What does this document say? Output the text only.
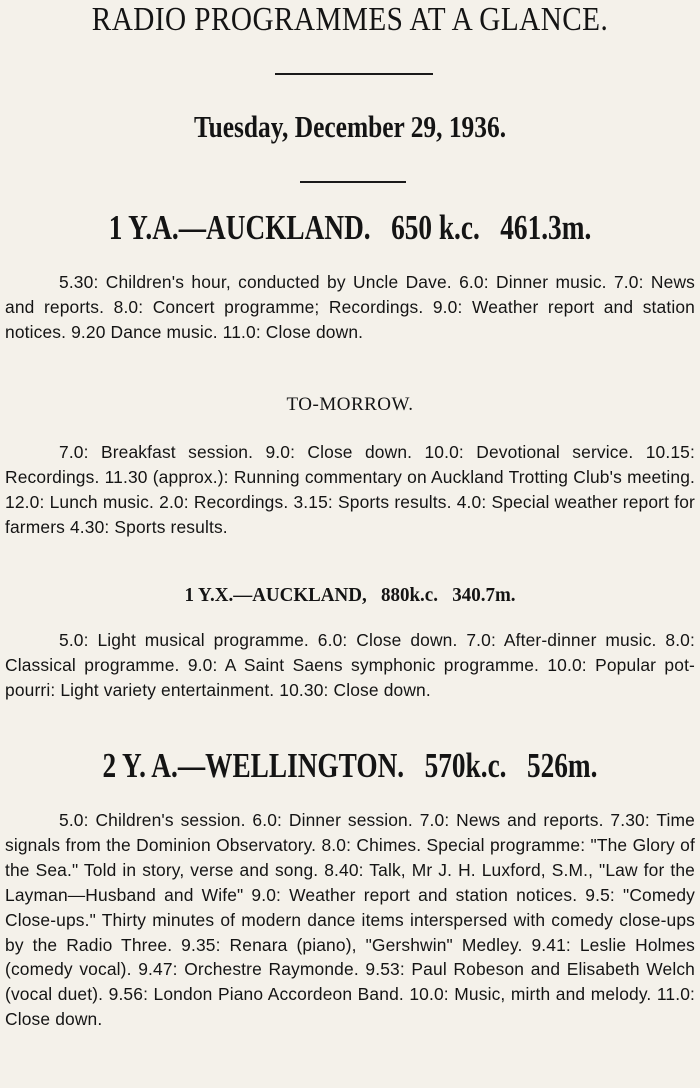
RADIO PROGRAMMES AT A GLANCE.
Tuesday, December 29, 1936.
1 Y.A.—AUCKLAND.   650 k.c.   461.3m.
5.30: Children's hour, conducted by Uncle Dave. 6.0: Dinner music. 7.0: News and reports. 8.0: Concert programme; Recordings. 9.0: Weather report and station notices. 9.20 Dance music. 11.0: Close down.
TO-MORROW.
7.0: Breakfast session. 9.0: Close down. 10.0: Devotional service. 10.15: Recordings. 11.30 (approx.): Running commentary on Auckland Trotting Club's meeting. 12.0: Lunch music. 2.0: Recordings. 3.15: Sports results. 4.0: Special weather report for farmers 4.30: Sports results.
1 Y.X.—AUCKLAND,   880k.c.   340.7m.
5.0: Light musical programme. 6.0: Close down. 7.0: After-dinner music. 8.0: Classical programme. 9.0: A Saint Saens symphonic programme. 10.0: Popular pot-pourri: Light variety entertainment. 10.30: Close down.
2 Y. A.—WELLINGTON.   570k.c.   526m.
5.0: Children's session. 6.0: Dinner session. 7.0: News and reports. 7.30: Time signals from the Dominion Observatory. 8.0: Chimes. Special programme: "The Glory of the Sea." Told in story, verse and song. 8.40: Talk, Mr J. H. Luxford, S.M., "Law for the Layman—Husband and Wife" 9.0: Weather report and station notices. 9.5: "Comedy Close-ups." Thirty minutes of modern dance items interspersed with comedy close-ups by the Radio Three. 9.35: Renara (piano), "Gershwin" Medley. 9.41: Leslie Holmes (comedy vocal). 9.47: Orchestre Raymonde. 9.53: Paul Robeson and Elisabeth Welch (vocal duet). 9.56: London Piano Accordeon Band. 10.0: Music, mirth and melody. 11.0: Close down.
